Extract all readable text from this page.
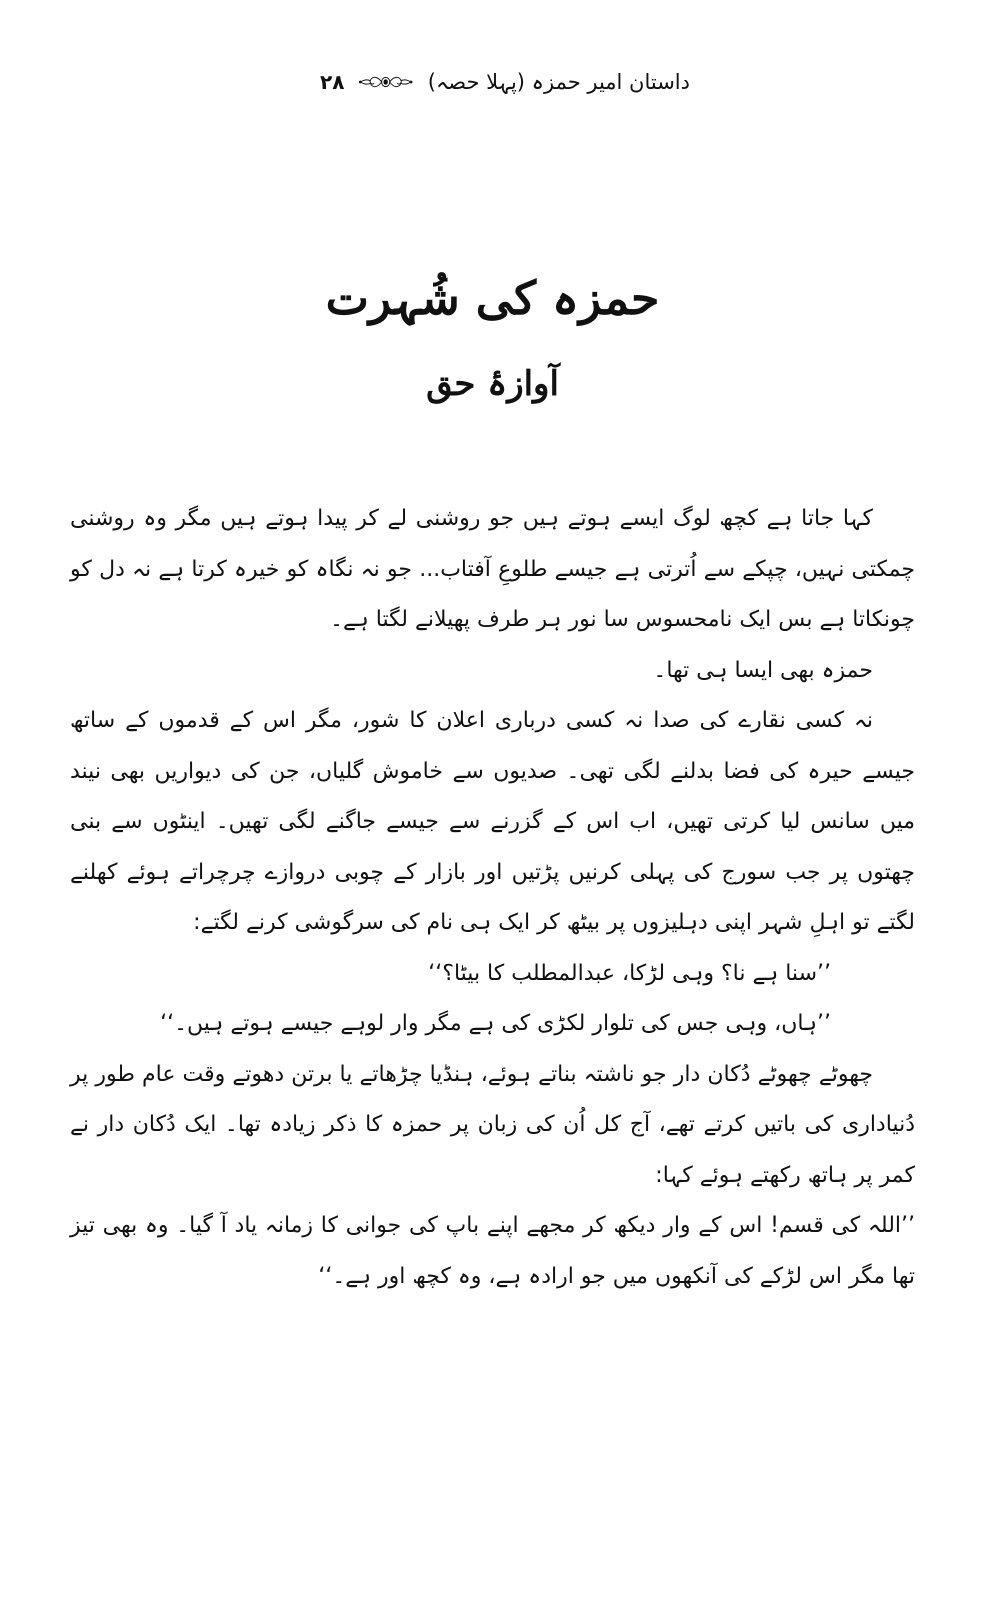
داستان امیر حمزہ (پہلا حصہ)
۲۸
حمزہ کی شُہرت
آوازۂ حق

کہا جاتا ہے کچھ لوگ ایسے ہوتے ہیں جو روشنی لے کر پیدا ہوتے ہیں مگر وہ روشنی چمکتی نہیں، چپکے سے اُترتی ہے جیسے طلوعِ آفتاب... جو نہ نگاہ کو خیرہ کرتا ہے نہ دل کو چونکاتا ہے بس ایک نامحسوس سا نور ہر طرف پھیلانے لگتا ہے۔

حمزہ بھی ایسا ہی تھا۔

نہ کسی نقارے کی صدا نہ کسی درباری اعلان کا شور، مگر اس کے قدموں کے ساتھ جیسے حیرہ کی فضا بدلنے لگی تھی۔ صدیوں سے خاموش گلیاں، جن کی دیواریں بھی نیند میں سانس لیا کرتی تھیں، اب اس کے گزرنے سے جیسے جاگنے لگی تھیں۔ اینٹوں سے بنی چھتوں پر جب سورج کی پہلی کرنیں پڑتیں اور بازار کے چوبی دروازے چرچراتے ہوئے کھلنے لگتے تو اہلِ شہر اپنی دہلیزوں پر بیٹھ کر ایک ہی نام کی سرگوشی کرنے لگتے:

’’سنا ہے نا؟ وہی لڑکا، عبدالمطلب کا بیٹا؟‘‘

’’ہاں، وہی جس کی تلوار لکڑی کی ہے مگر وار لوہے جیسے ہوتے ہیں۔‘‘

چھوٹے چھوٹے دُکان دار جو ناشتہ بناتے ہوئے، ہنڈیا چڑھاتے یا برتن دھوتے وقت عام طور پر دُنیاداری کی باتیں کرتے تھے، آج کل اُن کی زبان پر حمزہ کا ذکر زیادہ تھا۔ ایک دُکان دار نے کمر پر ہاتھ رکھتے ہوئے کہا:

’’اللہ کی قسم! اس کے وار دیکھ کر مجھے اپنے باپ کی جوانی کا زمانہ یاد آ گیا۔ وہ بھی تیز تھا مگر اس لڑکے کی آنکھوں میں جو ارادہ ہے، وہ کچھ اور ہے۔‘‘
